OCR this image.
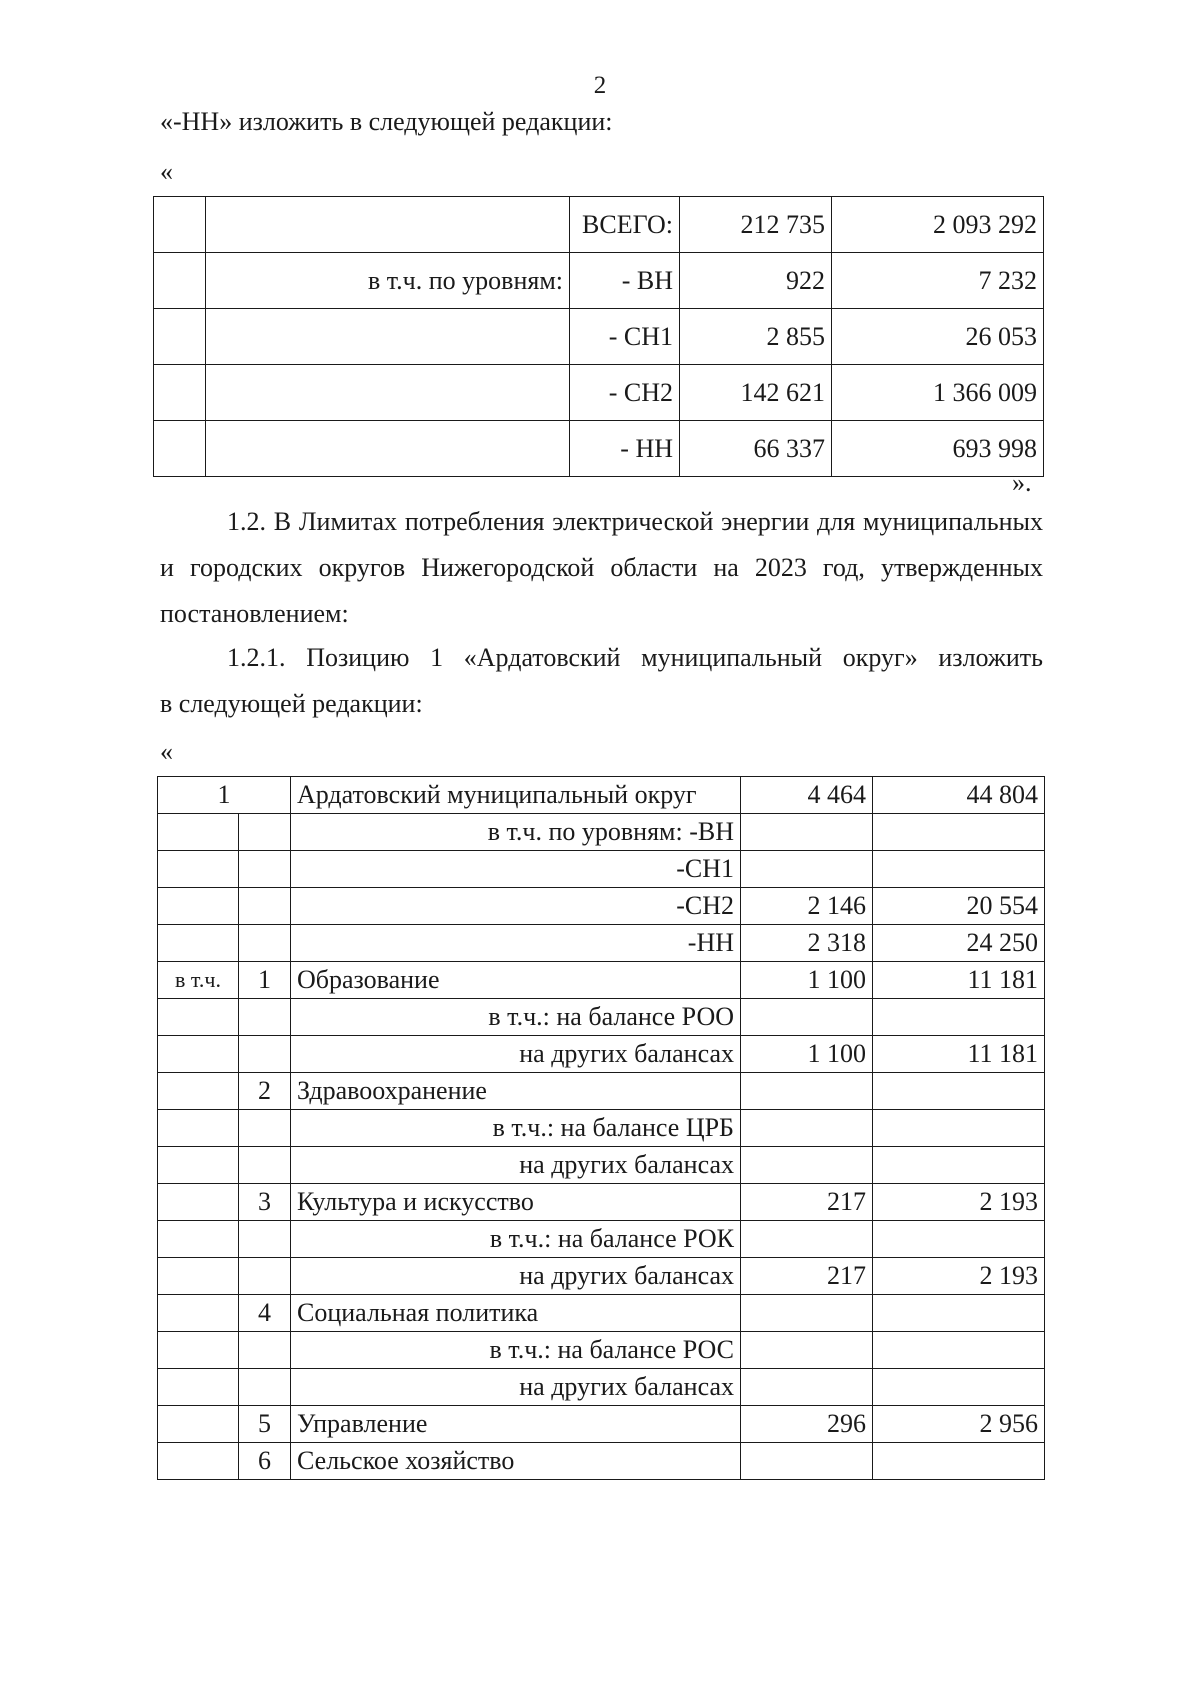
2
«-НН» изложить в следующей редакции:
«
		ВСЕГО:	212 735	2 093 292
	в т.ч. по уровням:	- ВН	922	7 232
		- СН1	2 855	26 053
		- СН2	142 621	1 366 009
		- НН	66 337	693 998
».
1.2. В Лимитах потребления электрической энергии для муниципальных
и городских округов Нижегородской области на 2023 год, утвержденных
постановлением:
1.2.1. Позицию 1 «Ардатовский муниципальный округ» изложить
в следующей редакции:
«
1		Ардатовский муниципальный округ	4 464	44 804
		в т.ч. по уровням: -ВН		
		-СН1		
		-СН2	2 146	20 554
		-НН	2 318	24 250
в т.ч.	1	Образование	1 100	11 181
		в т.ч.: на балансе РОО		
		на других балансах	1 100	11 181
	2	Здравоохранение		
		в т.ч.: на балансе ЦРБ		
		на других балансах		
	3	Культура и искусство	217	2 193
		в т.ч.: на балансе РОК		
		на других балансах	217	2 193
	4	Социальная политика		
		в т.ч.: на балансе РОС		
		на других балансах		
	5	Управление	296	2 956
	6	Сельское хозяйство		
